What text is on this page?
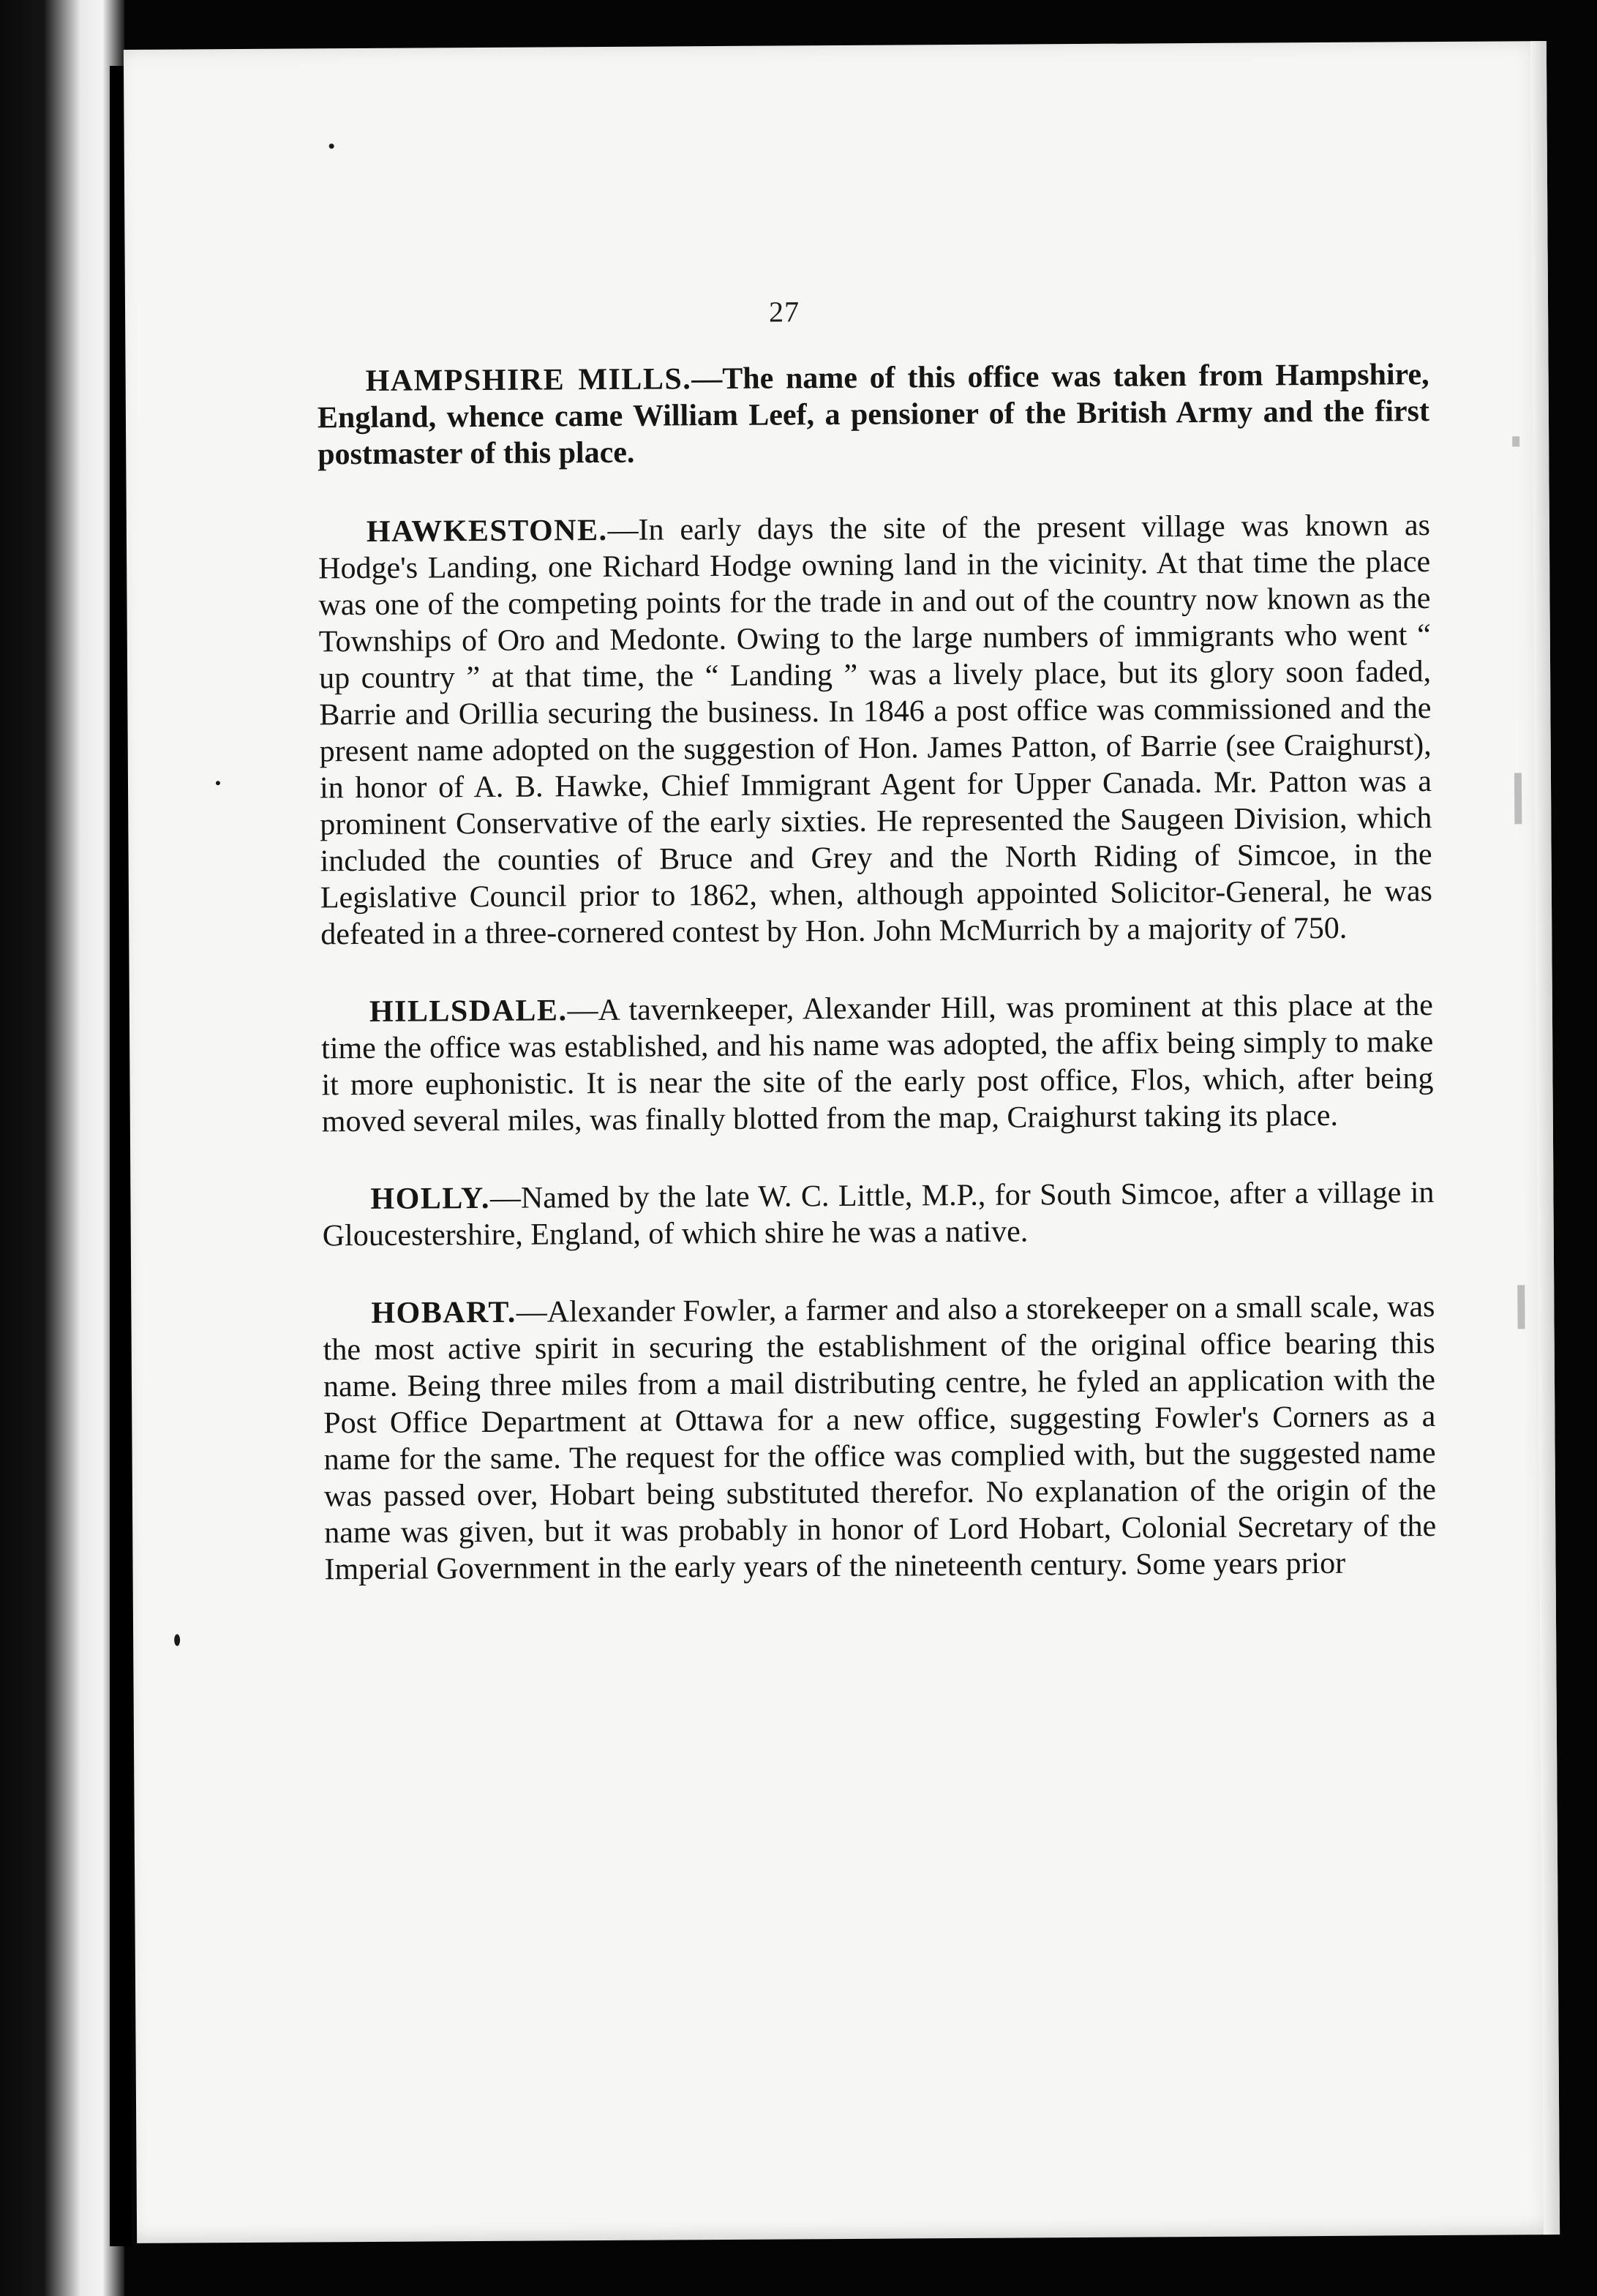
27

HAMPSHIRE MILLS.—The name of this office was taken from Hampshire, England, whence came William Leef, a pensioner of the British Army and the first postmaster of this place.

HAWKESTONE.—In early days the site of the present village was known as Hodge's Landing, one Richard Hodge owning land in the vicinity. At that time the place was one of the competing points for the trade in and out of the country now known as the Townships of Oro and Medonte. Owing to the large numbers of immigrants who went “ up country ” at that time, the “ Landing ” was a lively place, but its glory soon faded, Barrie and Orillia securing the business. In 1846 a post office was commissioned and the present name adopted on the suggestion of Hon. James Patton, of Barrie (see Craighurst), in honor of A. B. Hawke, Chief Immigrant Agent for Upper Canada. Mr. Patton was a prominent Conservative of the early sixties. He represented the Saugeen Division, which included the counties of Bruce and Grey and the North Riding of Simcoe, in the Legislative Council prior to 1862, when, although appointed Solicitor-General, he was defeated in a three-cornered contest by Hon. John McMurrich by a majority of 750.

HILLSDALE.—A tavernkeeper, Alexander Hill, was prominent at this place at the time the office was established, and his name was adopted, the affix being simply to make it more euphonistic. It is near the site of the early post office, Flos, which, after being moved several miles, was finally blotted from the map, Craighurst taking its place.

HOLLY.—Named by the late W. C. Little, M.P., for South Simcoe, after a village in Gloucestershire, England, of which shire he was a native.

HOBART.—Alexander Fowler, a farmer and also a storekeeper on a small scale, was the most active spirit in securing the establishment of the original office bearing this name. Being three miles from a mail distributing centre, he fyled an application with the Post Office Department at Ottawa for a new office, suggesting Fowler's Corners as a name for the same. The request for the office was complied with, but the suggested name was passed over, Hobart being substituted therefor. No explanation of the origin of the name was given, but it was probably in honor of Lord Hobart, Colonial Secretary of the Imperial Government in the early years of the nineteenth century. Some years prior
